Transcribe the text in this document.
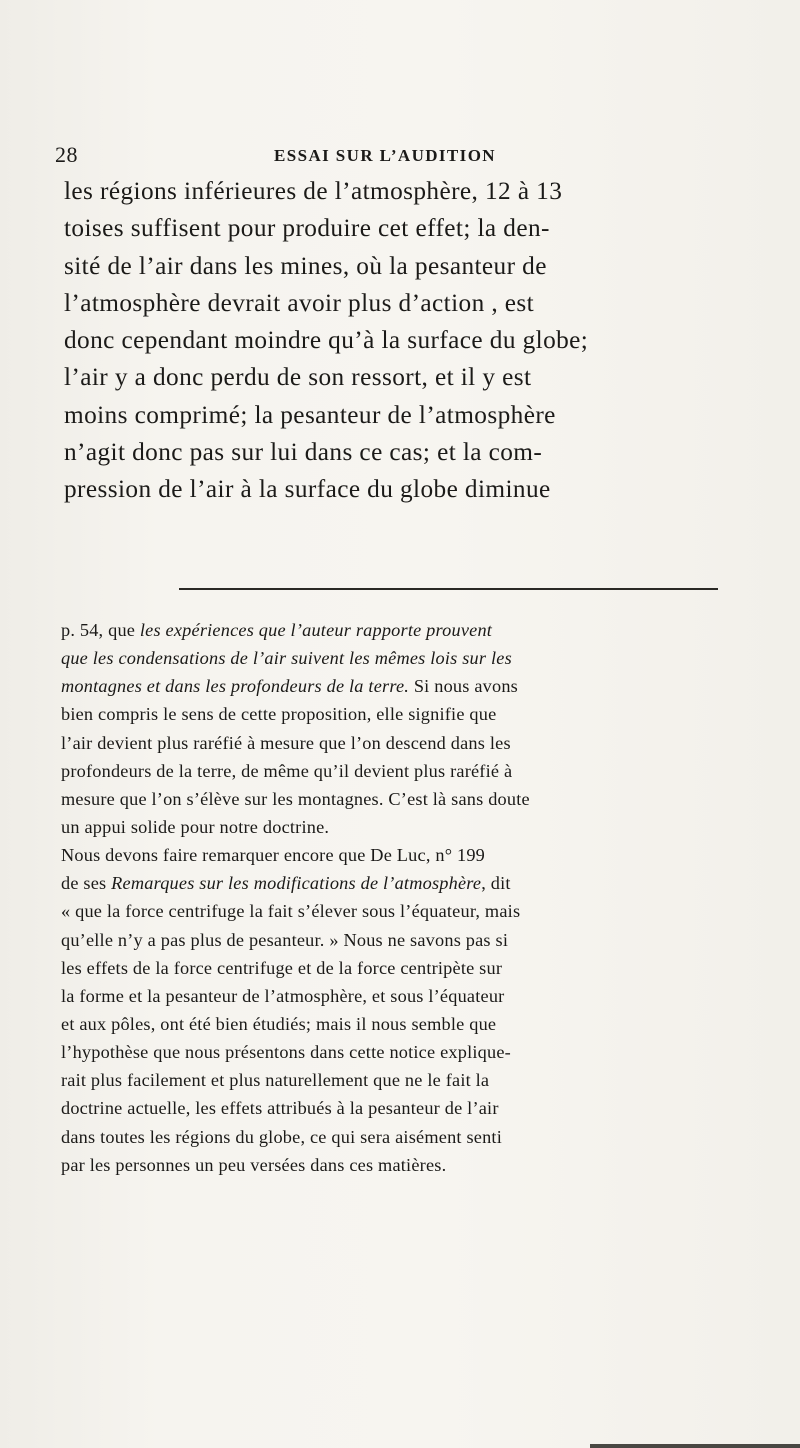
28	ESSAI SUR L’AUDITION
les régions inférieures de l’atmosphère, 12 à 13
toises suffisent pour produire cet effet; la den-
sité de l’air dans les mines, où la pesanteur de
l’atmosphère devrait avoir plus d’action , est
donc cependant moindre qu’à la surface du globe;
l’air y a donc perdu de son ressort, et il y est
moins comprimé; la pesanteur de l’atmosphère
n’agit donc pas sur lui dans ce cas; et la com-
pression de l’air à la surface du globe diminue
p. 54, que les expériences que l’auteur rapporte prouvent
que les condensations de l’air suivent les mêmes lois sur les
montagnes et dans les profondeurs de la terre. Si nous avons
bien compris le sens de cette proposition, elle signifie que
l’air devient plus raréfié à mesure que l’on descend dans les
profondeurs de la terre, de même qu’il devient plus raréfié à
mesure que l’on s’élève sur les montagnes. C’est là sans doute
un appui solide pour notre doctrine.
Nous devons faire remarquer encore que De Luc, n° 199
de ses Remarques sur les modifications de l’atmosphère, dit
« que la force centrifuge la fait s’élever sous l’équateur, mais
qu’elle n’y a pas plus de pesanteur. » Nous ne savons pas si
les effets de la force centrifuge et de la force centripète sur
la forme et la pesanteur de l’atmosphère, et sous l’équateur
et aux pôles, ont été bien étudiés; mais il nous semble que
l’hypothèse que nous présentons dans cette notice explique-
rait plus facilement et plus naturellement que ne le fait la
doctrine actuelle, les effets attribués à la pesanteur de l’air
dans toutes les régions du globe, ce qui sera aisément senti
par les personnes un peu versées dans ces matières.
